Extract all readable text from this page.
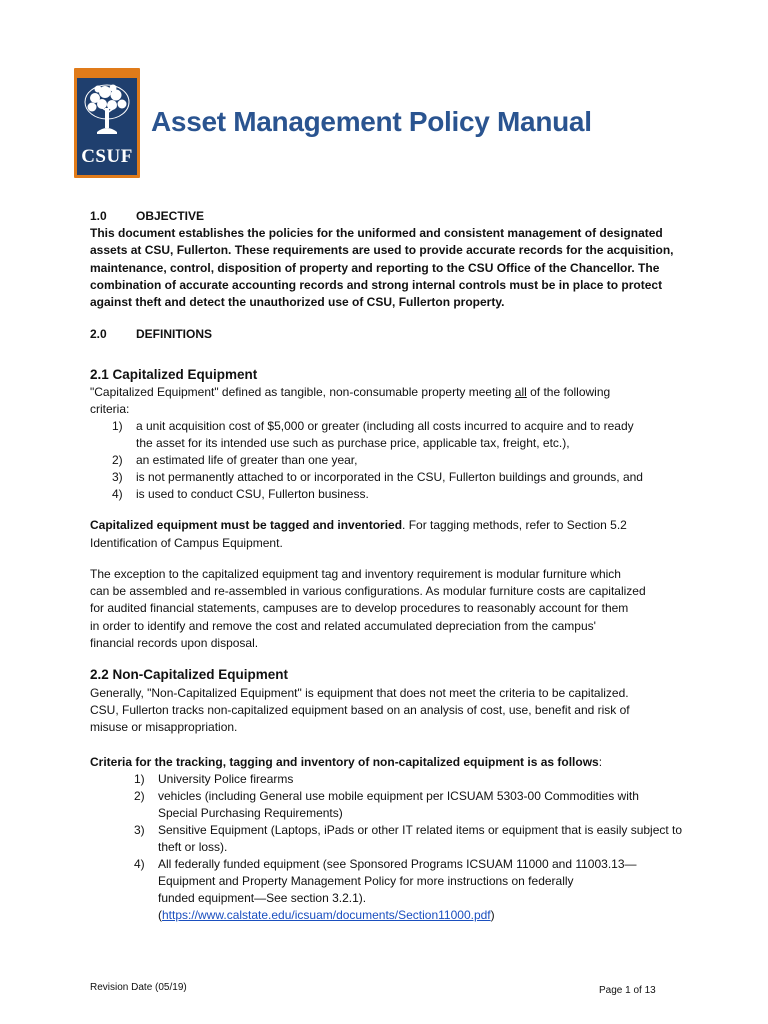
CSUF
Asset Management Policy Manual
1.0 OBJECTIVE
This document establishes the policies for the uniformed and consistent management of designated
assets at CSU, Fullerton. These requirements are used to provide accurate records for the acquisition,
maintenance, control, disposition of property and reporting to the CSU Office of the Chancellor. The
combination of accurate accounting records and strong internal controls must be in place to protect
against theft and detect the unauthorized use of CSU, Fullerton property.
2.0 DEFINITIONS
2.1 Capitalized Equipment
"Capitalized Equipment" defined as tangible, non-consumable property meeting all of the following
criteria:
1) a unit acquisition cost of $5,000 or greater (including all costs incurred to acquire and to ready
the asset for its intended use such as purchase price, applicable tax, freight, etc.),
2) an estimated life of greater than one year,
3) is not permanently attached to or incorporated in the CSU, Fullerton buildings and grounds, and
4) is used to conduct CSU, Fullerton business.
Capitalized equipment must be tagged and inventoried. For tagging methods, refer to Section 5.2
Identification of Campus Equipment.
The exception to the capitalized equipment tag and inventory requirement is modular furniture which
can be assembled and re-assembled in various configurations. As modular furniture costs are capitalized
for audited financial statements, campuses are to develop procedures to reasonably account for them
in order to identify and remove the cost and related accumulated depreciation from the campus'
financial records upon disposal.
2.2 Non-Capitalized Equipment
Generally, "Non-Capitalized Equipment" is equipment that does not meet the criteria to be capitalized.
CSU, Fullerton tracks non-capitalized equipment based on an analysis of cost, use, benefit and risk of
misuse or misappropriation.
Criteria for the tracking, tagging and inventory of non-capitalized equipment is as follows:
1) University Police firearms
2) vehicles (including General use mobile equipment per ICSUAM 5303-00 Commodities with
Special Purchasing Requirements)
3) Sensitive Equipment (Laptops, iPads or other IT related items or equipment that is easily subject to
theft or loss).
4) All federally funded equipment (see Sponsored Programs ICSUAM 11000 and 11003.13—
Equipment and Property Management Policy for more instructions on federally
funded equipment—See section 3.2.1).
(https://www.calstate.edu/icsuam/documents/Section11000.pdf)
Revision Date (05/19)	Page 1 of 13
